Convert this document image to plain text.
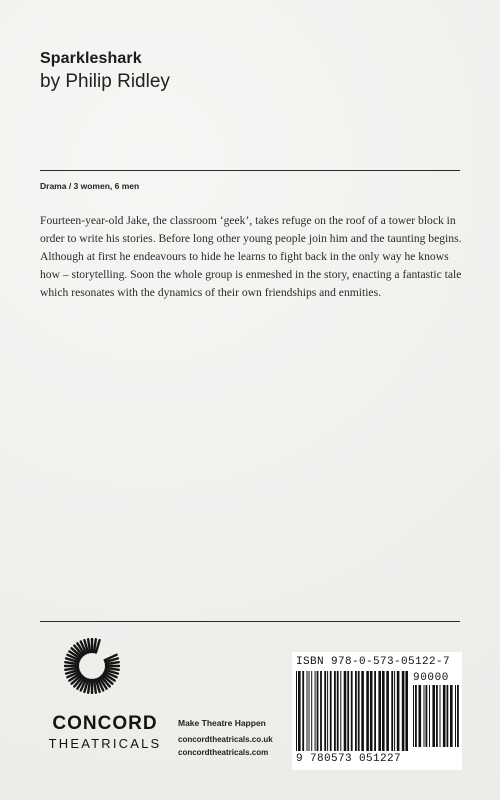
Sparkleshark
by Philip Ridley
Drama / 3 women, 6 men
Fourteen-year-old Jake, the classroom ‘geek’, takes refuge on the roof of a tower block in order to write his stories. Before long other young people join him and the taunting begins. Although at first he endeavours to hide he learns to fight back in the only way he knows how – storytelling. Soon the whole group is enmeshed in the story, enacting a fantastic tale which resonates with the dynamics of their own friendships and enmities.
CONCORD
THEATRICALS
Make Theatre Happen
concordtheatricals.co.uk
concordtheatricals.com
ISBN 978-0-573-05122-7
90000
9 780573 051227
